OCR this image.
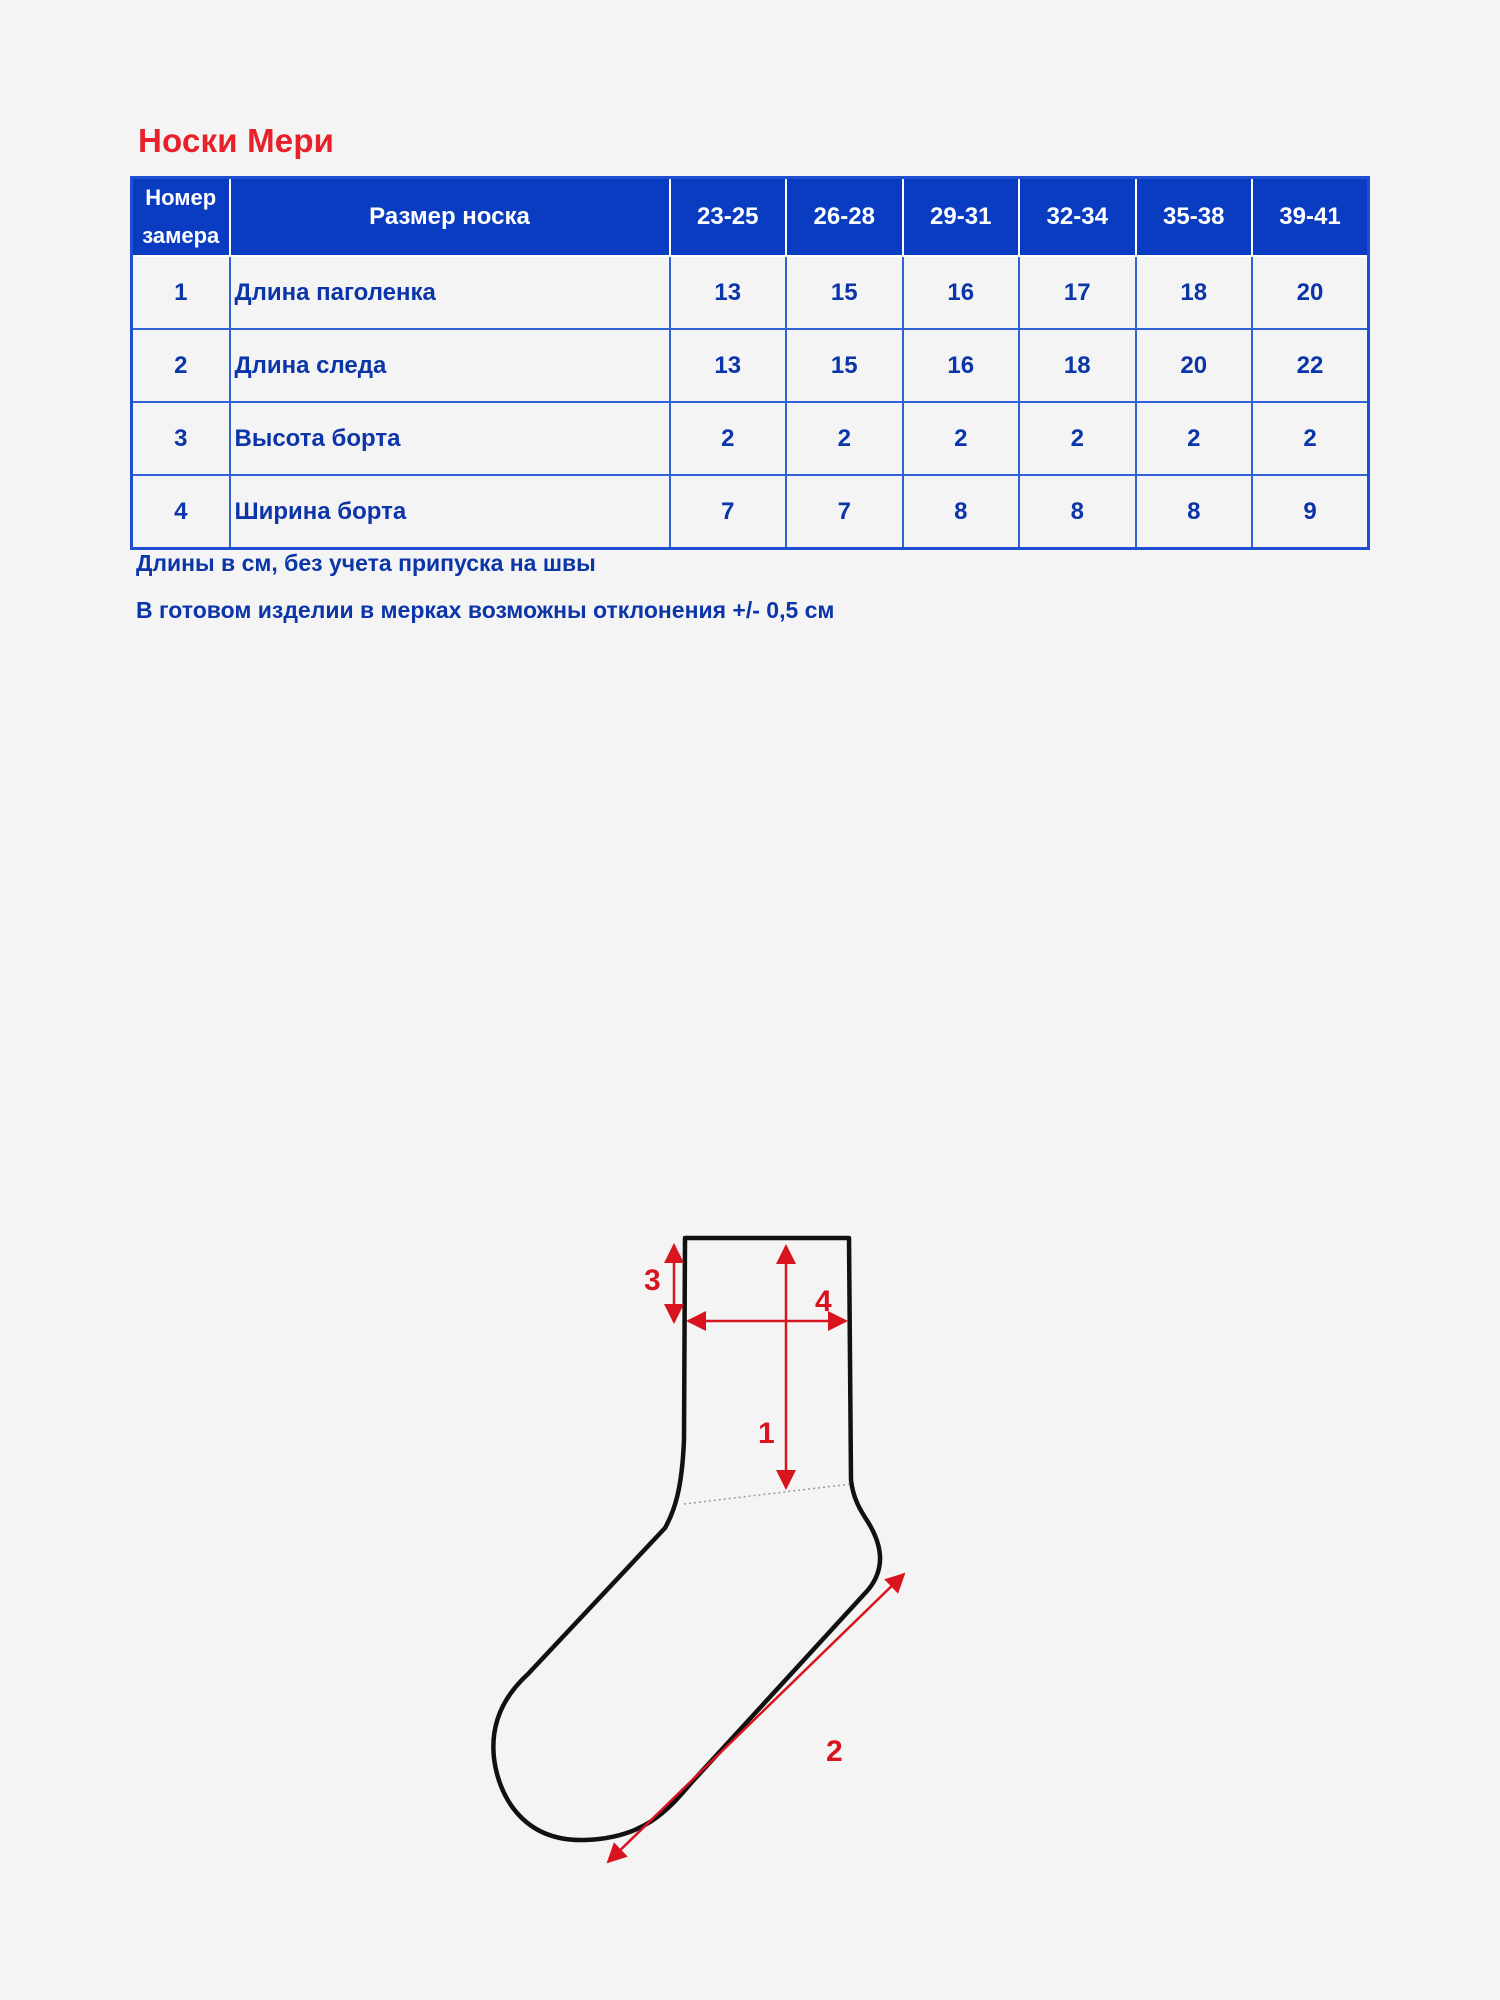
Носки Мери
Номер
замера	Размер носка	23-25	26-28	29-31	32-34	35-38	39-41
1	Длина паголенка	13	15	16	17	18	20
2	Длина следа	13	15	16	18	20	22
3	Высота борта	2	2	2	2	2	2
4	Ширина борта	7	7	8	8	8	9
Длины в см, без учета припуска на швы
В готовом изделии в мерках возможны отклонения +/- 0,5 см
1
2
3
4
